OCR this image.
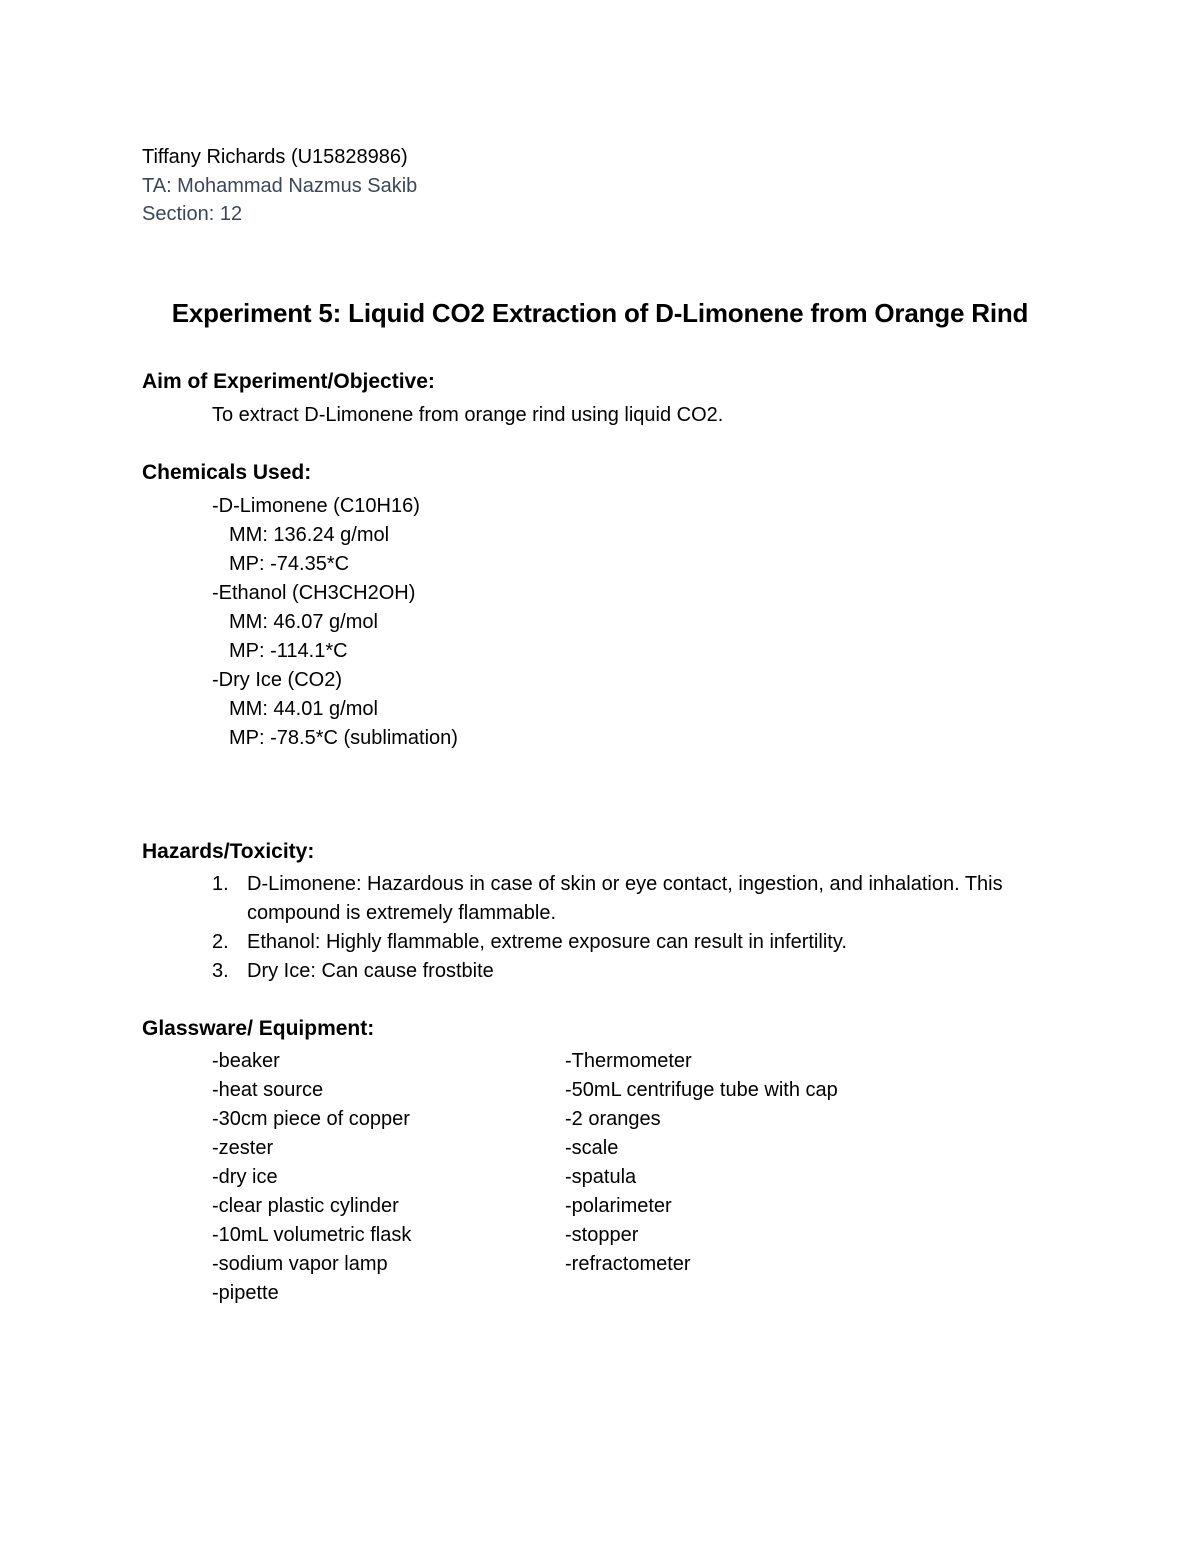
Tiffany Richards (U15828986)
TA: Mohammad Nazmus Sakib
Section: 12
Experiment 5: Liquid CO2 Extraction of D-Limonene from Orange Rind
Aim of Experiment/Objective:
To extract D-Limonene from orange rind using liquid CO2.
Chemicals Used:
-D-Limonene (C10H16)
MM: 136.24 g/mol
MP: -74.35*C
-Ethanol (CH3CH2OH)
MM: 46.07 g/mol
MP: -114.1*C
-Dry Ice (CO2)
MM: 44.01 g/mol
MP: -78.5*C (sublimation)
Hazards/Toxicity:
1. D-Limonene: Hazardous in case of skin or eye contact, ingestion, and inhalation. This compound is extremely flammable.
2. Ethanol: Highly flammable, extreme exposure can result in infertility.
3. Dry Ice: Can cause frostbite
Glassware/ Equipment:
-beaker
-heat source
-30cm piece of copper
-zester
-dry ice
-clear plastic cylinder
-10mL volumetric flask
-sodium vapor lamp
-pipette
-Thermometer
-50mL centrifuge tube with cap
-2 oranges
-scale
-spatula
-polarimeter
-stopper
-refractometer
